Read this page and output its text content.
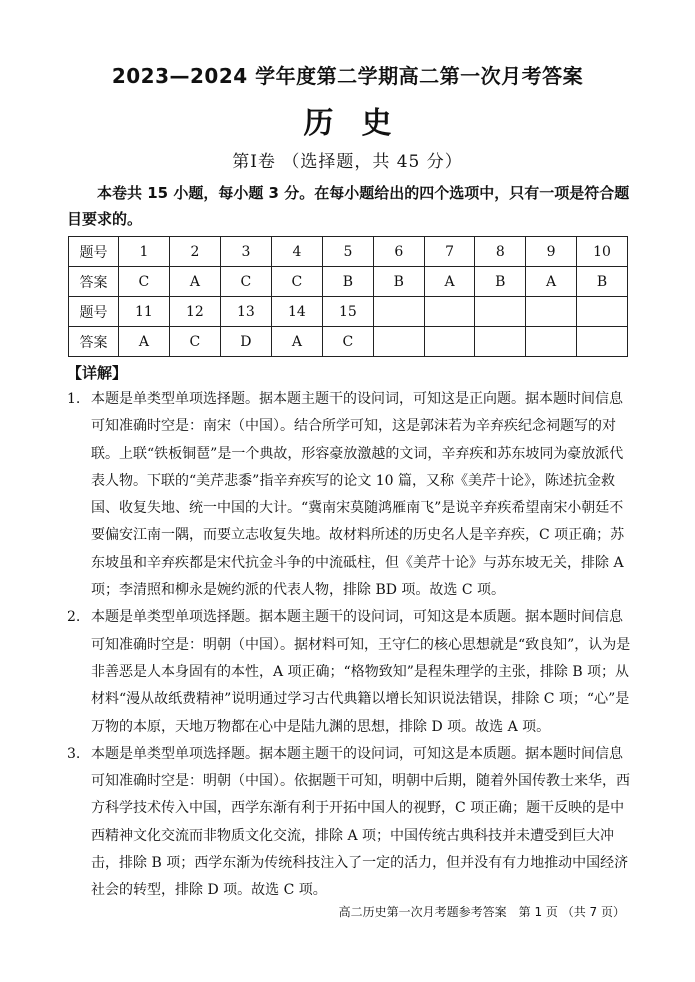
2023—2024 学年度第二学期高二第一次月考答案
历史
第Ⅰ卷 （选择题，共 45 分）
本卷共 15 小题，每小题 3 分。在每小题给出的四个选项中，只有一项是符合题目要求的。
题号	1	2	3	4	5	6	7	8	9	10
答案	C	A	C	C	B	B	A	B	A	B
题号	11	12	13	14	15					
答案	A	C	D	A	C					
【详解】
1. 本题是单类型单项选择题。据本题主题干的设问词，可知这是正向题。据本题时间信息可知准确时空是：南宋（中国）。结合所学可知，这是郭沫若为辛弃疾纪念祠题写的对联。上联“铁板铜琶”是一个典故，形容豪放激越的文词，辛弃疾和苏东坡同为豪放派代表人物。下联的“美芹悲黍”指辛弃疾写的论文 10 篇，又称《美芹十论》，陈述抗金救国、收复失地、统一中国的大计。“冀南宋莫随鸿雁南飞”是说辛弃疾希望南宋小朝廷不要偏安江南一隅，而要立志收复失地。故材料所述的历史名人是辛弃疾，C 项正确；苏东坡虽和辛弃疾都是宋代抗金斗争的中流砥柱，但《美芹十论》与苏东坡无关，排除 A 项；李清照和柳永是婉约派的代表人物，排除 BD 项。故选 C 项。
2. 本题是单类型单项选择题。据本题主题干的设问词，可知这是本质题。据本题时间信息可知准确时空是：明朝（中国）。据材料可知，王守仁的核心思想就是“致良知”，认为是非善恶是人本身固有的本性，A 项正确；“格物致知”是程朱理学的主张，排除 B 项；从材料“漫从故纸费精神”说明通过学习古代典籍以增长知识说法错误，排除 C 项；“心”是万物的本原，天地万物都在心中是陆九渊的思想，排除 D 项。故选 A 项。
3. 本题是单类型单项选择题。据本题主题干的设问词，可知这是本质题。据本题时间信息可知准确时空是：明朝（中国）。依据题干可知，明朝中后期，随着外国传教士来华，西方科学技术传入中国，西学东渐有利于开拓中国人的视野，C 项正确；题干反映的是中西精神文化交流而非物质文化交流，排除 A 项；中国传统古典科技并未遭受到巨大冲击，排除 B 项；西学东渐为传统科技注入了一定的活力，但并没有有力地推动中国经济社会的转型，排除 D 项。故选 C 项。
高二历史第一次月考题参考答案　第 1 页 （共 7 页）
